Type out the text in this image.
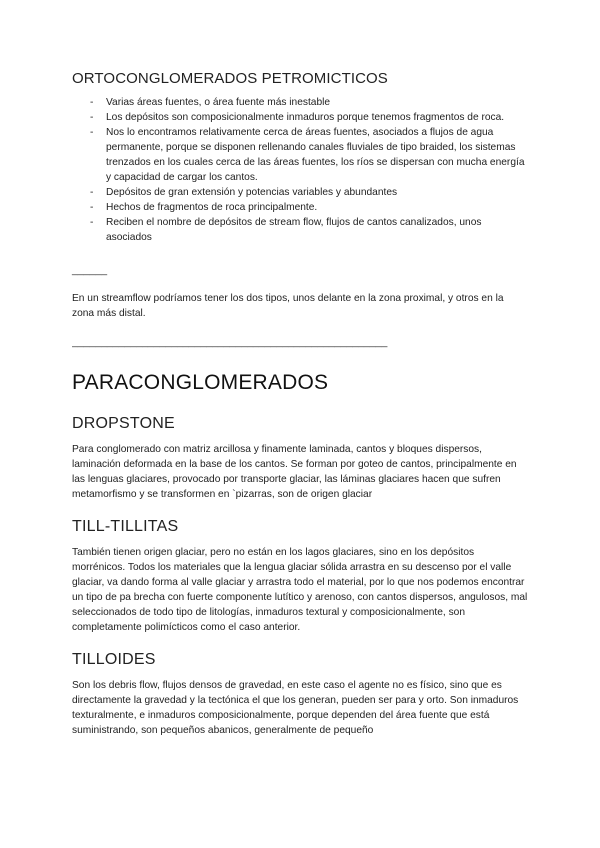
ORTOCONGLOMERADOS PETROMICTICOS
- Varias áreas fuentes, o área fuente más inestable
- Los depósitos son composicionalmente inmaduros porque tenemos fragmentos de roca.
- Nos lo encontramos relativamente cerca de áreas fuentes, asociados a flujos de agua permanente, porque se disponen rellenando canales fluviales de tipo braided, los sistemas trenzados en los cuales cerca de las áreas fuentes, los ríos se dispersan con mucha energía y capacidad de cargar los cantos.
- Depósitos de gran extensión y potencias variables y abundantes
- Hechos de fragmentos de roca principalmente.
- Reciben el nombre de depósitos de stream flow, flujos de cantos canalizados, unos asociados
______

En un streamflow podríamos tener los dos tipos, unos delante en la zona proximal, y otros en la zona más distal.

______________________________________________________
PARACONGLOMERADOS
DROPSTONE

Para conglomerado con matriz arcillosa y finamente laminada, cantos y bloques dispersos, laminación deformada en la base de los cantos. Se forman por goteo de cantos, principalmente en las lenguas glaciares, provocado por transporte glaciar, las láminas glaciares hacen que sufren metamorfismo y se transformen en `pizarras, son de origen glaciar

TILL-TILLITAS

También tienen origen glaciar, pero no están en los lagos glaciares, sino en los depósitos morrénicos. Todos los materiales que la lengua glaciar sólida arrastra en su descenso por el valle glaciar, va dando forma al valle glaciar y arrastra todo el material, por lo que nos podemos encontrar un tipo de pa brecha con fuerte componente lutítico y arenoso, con cantos dispersos, angulosos, mal seleccionados de todo tipo de litologías, inmaduros textural y composicionalmente, son completamente polimícticos como el caso anterior.

TILLOIDES

Son los debris flow, flujos densos de gravedad, en este caso el agente no es físico, sino que es directamente la gravedad y la tectónica el que los generan, pueden ser para y orto. Son inmaduros texturalmente, e inmaduros composicionalmente, porque dependen del área fuente que está suministrando, son pequeños abanicos, generalmente de pequeño
